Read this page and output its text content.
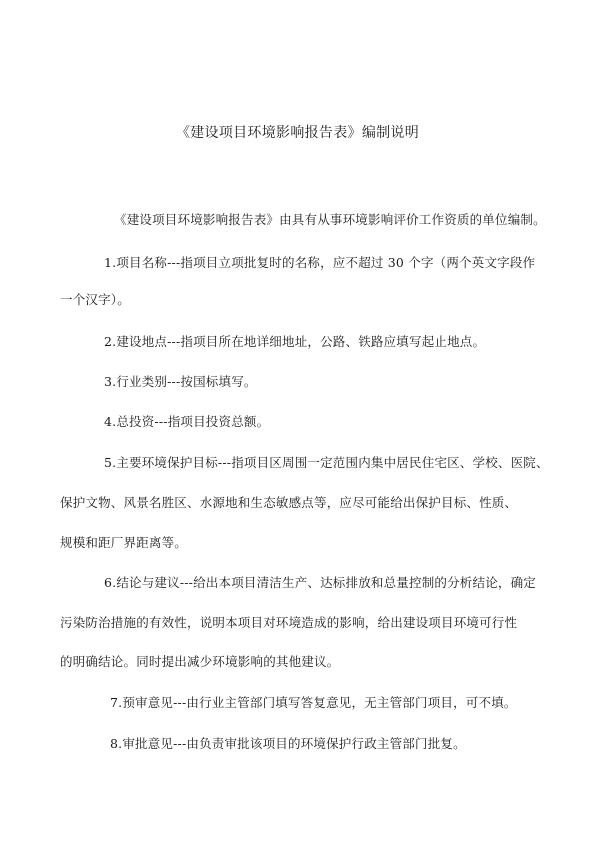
《建设项目环境影响报告表》编制说明
《建设项目环境影响报告表》由具有从事环境影响评价工作资质的单位编制。
1.项目名称---指项目立项批复时的名称，应不超过 30 个字（两个英文字段作
一个汉字）。
2.建设地点---指项目所在地详细地址，公路、铁路应填写起止地点。
3.行业类别---按国标填写。
4.总投资---指项目投资总额。
5.主要环境保护目标---指项目区周围一定范围内集中居民住宅区、学校、医院、
保护文物、风景名胜区、水源地和生态敏感点等，应尽可能给出保护目标、性质、
规模和距厂界距离等。
6.结论与建议---给出本项目清洁生产、达标排放和总量控制的分析结论，确定
污染防治措施的有效性，说明本项目对环境造成的影响，给出建设项目环境可行性
的明确结论。同时提出减少环境影响的其他建议。
7.预审意见---由行业主管部门填写答复意见，无主管部门项目，可不填。
8.审批意见---由负责审批该项目的环境保护行政主管部门批复。
